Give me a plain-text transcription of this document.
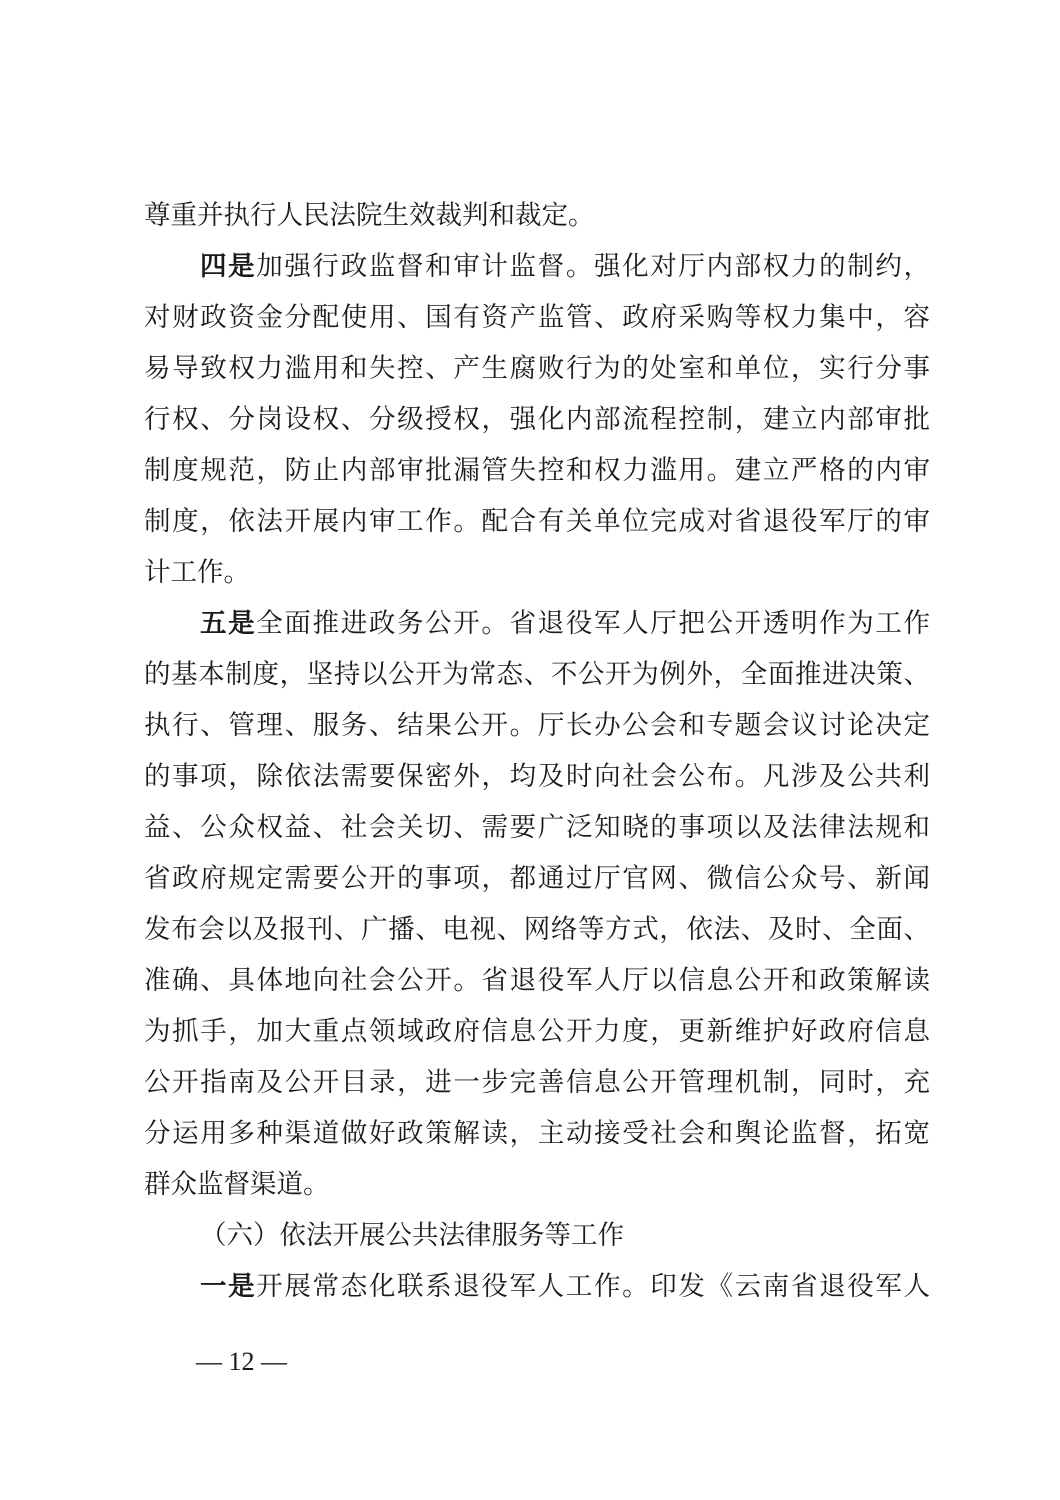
尊重并执行人民法院生效裁判和裁定。
四是加强行政监督和审计监督。强化对厅内部权力的制约，
对财政资金分配使用、国有资产监管、政府采购等权力集中，容
易导致权力滥用和失控、产生腐败行为的处室和单位，实行分事
行权、分岗设权、分级授权，强化内部流程控制，建立内部审批
制度规范，防止内部审批漏管失控和权力滥用。建立严格的内审
制度，依法开展内审工作。配合有关单位完成对省退役军厅的审
计工作。
五是全面推进政务公开。省退役军人厅把公开透明作为工作
的基本制度，坚持以公开为常态、不公开为例外，全面推进决策、
执行、管理、服务、结果公开。厅长办公会和专题会议讨论决定
的事项，除依法需要保密外，均及时向社会公布。凡涉及公共利
益、公众权益、社会关切、需要广泛知晓的事项以及法律法规和
省政府规定需要公开的事项，都通过厅官网、微信公众号、新闻
发布会以及报刊、广播、电视、网络等方式，依法、及时、全面、
准确、具体地向社会公开。省退役军人厅以信息公开和政策解读
为抓手，加大重点领域政府信息公开力度，更新维护好政府信息
公开指南及公开目录，进一步完善信息公开管理机制，同时，充
分运用多种渠道做好政策解读，主动接受社会和舆论监督，拓宽
群众监督渠道。
（六）依法开展公共法律服务等工作
一是开展常态化联系退役军人工作。印发《云南省退役军人
— 12 —
